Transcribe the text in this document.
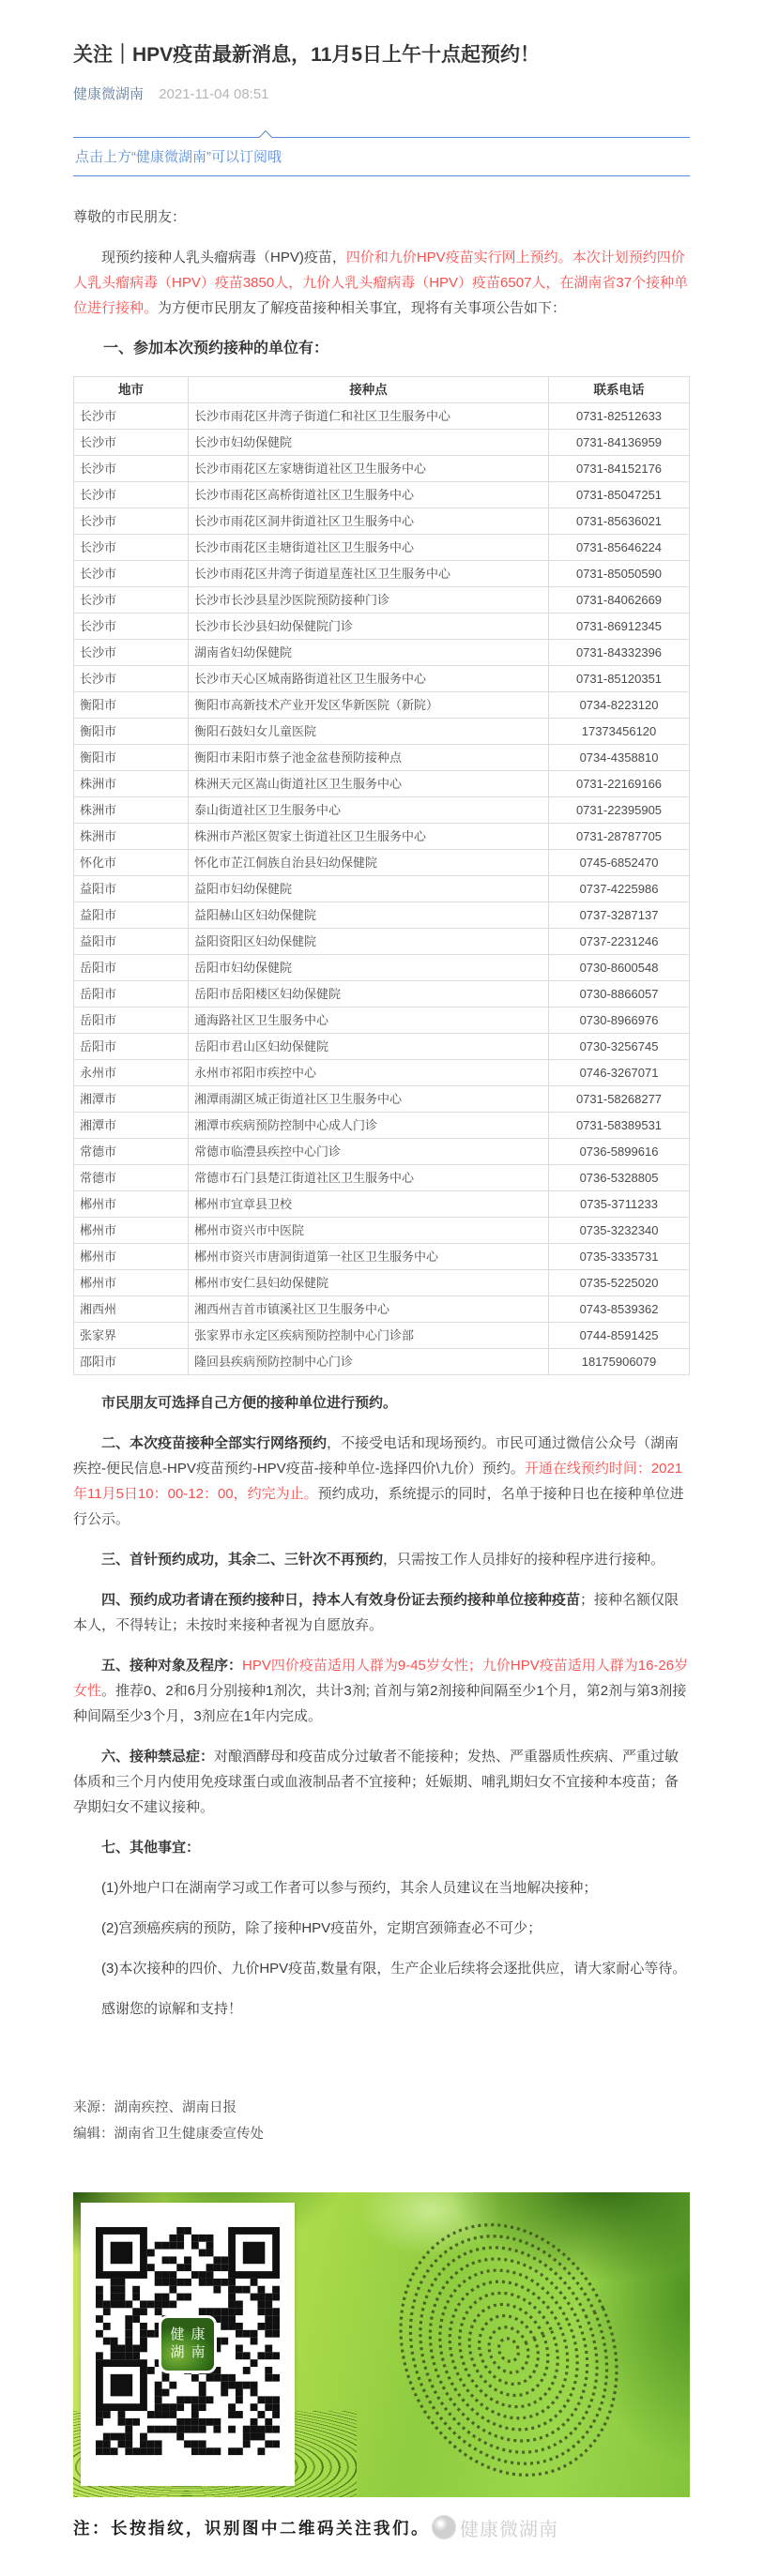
关注｜HPV疫苗最新消息，11月5日上午十点起预约！
健康微湖南 2021-11-04 08:51
点击上方“健康微湖南”可以订阅哦

尊敬的市民朋友：

现预约接种人乳头瘤病毒（HPV)疫苗，四价和九价HPV疫苗实行网上预约。本次计划预约四价人乳头瘤病毒（HPV）疫苗3850人，九价人乳头瘤病毒（HPV）疫苗6507人，在湖南省37个接种单位进行接种。为方便市民朋友了解疫苗接种相关事宜，现将有关事项公告如下：

一、参加本次预约接种的单位有：

地市	接种点	联系电话
长沙市	长沙市雨花区井湾子街道仁和社区卫生服务中心	0731-82512633
长沙市	长沙市妇幼保健院	0731-84136959
长沙市	长沙市雨花区左家塘街道社区卫生服务中心	0731-84152176
长沙市	长沙市雨花区高桥街道社区卫生服务中心	0731-85047251
长沙市	长沙市雨花区洞井街道社区卫生服务中心	0731-85636021
长沙市	长沙市雨花区圭塘街道社区卫生服务中心	0731-85646224
长沙市	长沙市雨花区井湾子街道星莲社区卫生服务中心	0731-85050590
长沙市	长沙市长沙县星沙医院预防接种门诊	0731-84062669
长沙市	长沙市长沙县妇幼保健院门诊	0731-86912345
长沙市	湖南省妇幼保健院	0731-84332396
长沙市	长沙市天心区城南路街道社区卫生服务中心	0731-85120351
衡阳市	衡阳市高新技术产业开发区华新医院（新院）	0734-8223120
衡阳市	衡阳石鼓妇女儿童医院	17373456120
衡阳市	衡阳市耒阳市蔡子池金盆巷预防接种点	0734-4358810
株洲市	株洲天元区嵩山街道社区卫生服务中心	0731-22169166
株洲市	泰山街道社区卫生服务中心	0731-22395905
株洲市	株洲市芦淞区贺家土街道社区卫生服务中心	0731-28787705
怀化市	怀化市芷江侗族自治县妇幼保健院	0745-6852470
益阳市	益阳市妇幼保健院	0737-4225986
益阳市	益阳赫山区妇幼保健院	0737-3287137
益阳市	益阳资阳区妇幼保健院	0737-2231246
岳阳市	岳阳市妇幼保健院	0730-8600548
岳阳市	岳阳市岳阳楼区妇幼保健院	0730-8866057
岳阳市	通海路社区卫生服务中心	0730-8966976
岳阳市	岳阳市君山区妇幼保健院	0730-3256745
永州市	永州市祁阳市疾控中心	0746-3267071
湘潭市	湘潭雨湖区城正街道社区卫生服务中心	0731-58268277
湘潭市	湘潭市疾病预防控制中心成人门诊	0731-58389531
常德市	常德市临澧县疾控中心门诊	0736-5899616
常德市	常德市石门县楚江街道社区卫生服务中心	0736-5328805
郴州市	郴州市宜章县卫校	0735-3711233
郴州市	郴州市资兴市中医院	0735-3232340
郴州市	郴州市资兴市唐洞街道第一社区卫生服务中心	0735-3335731
郴州市	郴州市安仁县妇幼保健院	0735-5225020
湘西州	湘西州吉首市镇溪社区卫生服务中心	0743-8539362
张家界	张家界市永定区疾病预防控制中心门诊部	0744-8591425
邵阳市	隆回县疾病预防控制中心门诊	18175906079

市民朋友可选择自己方便的接种单位进行预约。

二、本次疫苗接种全部实行网络预约，不接受电话和现场预约。市民可通过微信公众号（湖南疾控-便民信息-HPV疫苗预约-HPV疫苗-接种单位-选择四价\九价）预约。开通在线预约时间：2021年11月5日10：00-12：00，约完为止。预约成功，系统提示的同时，名单于接种日也在接种单位进行公示。

三、首针预约成功，其余二、三针次不再预约，只需按工作人员排好的接种程序进行接种。

四、预约成功者请在预约接种日，持本人有效身份证去预约接种单位接种疫苗；接种名额仅限本人，不得转让；未按时来接种者视为自愿放弃。

五、接种对象及程序：HPV四价疫苗适用人群为9-45岁女性；九价HPV疫苗适用人群为16-26岁女性。推荐0、2和6月分别接种1剂次，共计3剂; 首剂与第2剂接种间隔至少1个月，第2剂与第3剂接种间隔至少3个月，3剂应在1年内完成。

六、接种禁忌症：对酿酒酵母和疫苗成分过敏者不能接种；发热、严重器质性疾病、严重过敏体质和三个月内使用免疫球蛋白或血液制品者不宜接种；妊娠期、哺乳期妇女不宜接种本疫苗；备孕期妇女不建议接种。

七、其他事宜：

(1)外地户口在湖南学习或工作者可以参与预约，其余人员建议在当地解决接种；

(2)宫颈癌疾病的预防，除了接种HPV疫苗外，定期宫颈筛查必不可少；

(3)本次接种的四价、九价HPV疫苗,数量有限，生产企业后续将会逐批供应，请大家耐心等待。

感谢您的谅解和支持！

来源：湖南疾控、湖南日报
编辑：湖南省卫生健康委宣传处
健康
湖南
注：长按指纹，识别图中二维码关注我们。 健康微湖南
